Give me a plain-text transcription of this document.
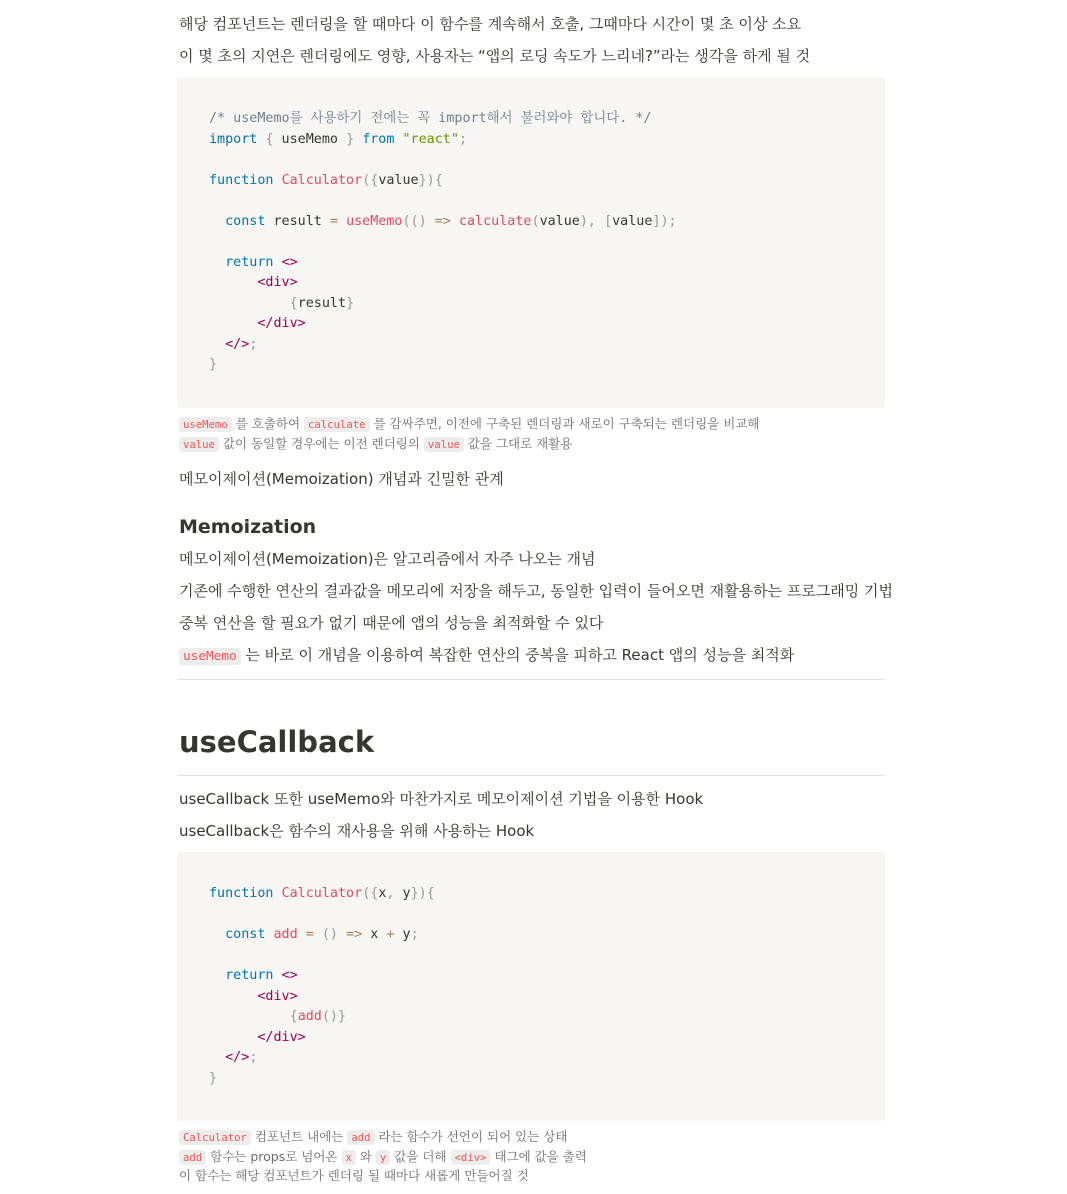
해당 컴포넌트는 렌더링을 할 때마다 이 함수를 계속해서 호출, 그때마다 시간이 몇 초 이상 소요
이 몇 초의 지연은 렌더링에도 영향, 사용자는 “앱의 로딩 속도가 느리네?”라는 생각을 하게 될 것
/* useMemo를 사용하기 전에는 꼭 import해서 불러와야 합니다. */
import { useMemo } from "react";

function Calculator({value}){

const result = useMemo(() => calculate(value), [value]);

return <>
<div>
{result}
</div>
</>;
}
useMemo 를 호출하여 calculate 를 감싸주면, 이전에 구축된 렌더링과 새로이 구축되는 렌더링을 비교해
value 값이 동일할 경우에는 이전 렌더링의 value 값을 그대로 재활용
메모이제이션(Memoization) 개념과 긴밀한 관계
Memoization
메모이제이션(Memoization)은 알고리즘에서 자주 나오는 개념
기존에 수행한 연산의 결과값을 메모리에 저장을 해두고, 동일한 입력이 들어오면 재활용하는 프로그래밍 기법
중복 연산을 할 필요가 없기 때문에 앱의 성능을 최적화할 수 있다
useMemo 는 바로 이 개념을 이용하여 복잡한 연산의 중복을 피하고 React 앱의 성능을 최적화
useCallback
useCallback 또한 useMemo와 마찬가지로 메모이제이션 기법을 이용한 Hook
useCallback은 함수의 재사용을 위해 사용하는 Hook
function Calculator({x, y}){

const add = () => x + y;

return <>
<div>
{add()}
</div>
</>;
}
Calculator 컴포넌트 내에는 add 라는 함수가 선언이 되어 있는 상태
add 함수는 props로 넘어온 x 와 y 값을 더해 <div> 태그에 값을 출력
이 함수는 해당 컴포넌트가 렌더링 될 때마다 새롭게 만들어질 것
